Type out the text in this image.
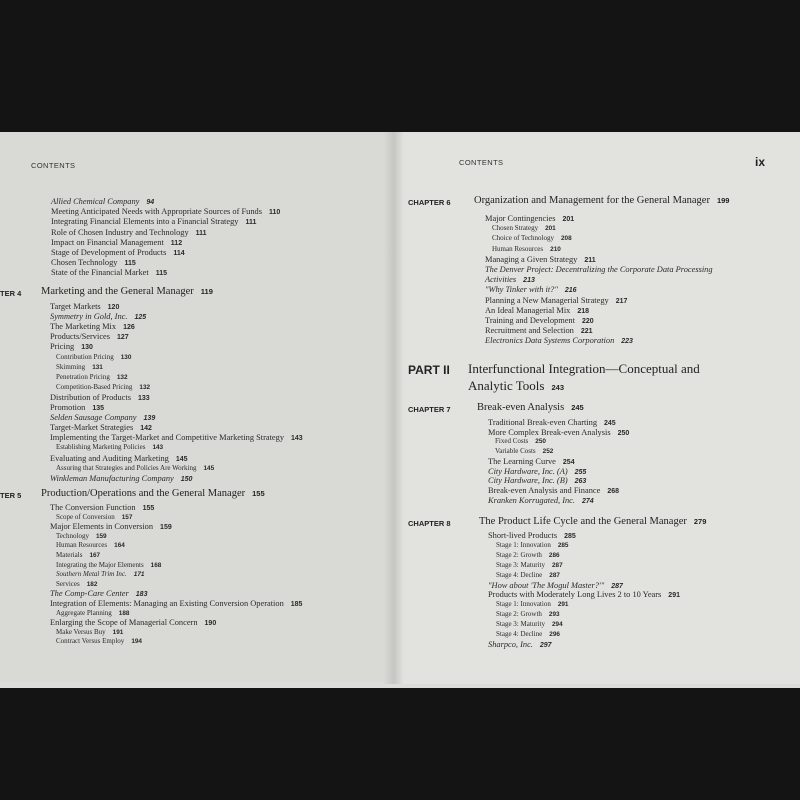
CONTENTS
Allied Chemical Company 94
Meeting Anticipated Needs with Appropriate Sources of Funds 110
Integrating Financial Elements into a Financial Strategy 111
Role of Chosen Industry and Technology 111
Impact on Financial Management 112
Stage of Development of Products 114
Chosen Technology 115
State of the Financial Market 115
TER 4 Marketing and the General Manager 119
Target Markets 120
Symmetry in Gold, Inc. 125
The Marketing Mix 126
Products/Services 127
Pricing 130
Contribution Pricing 130
Skimming 131
Penetration Pricing 132
Competition-Based Pricing 132
Distribution of Products 133
Promotion 135
Selden Sausage Company 139
Target-Market Strategies 142
Implementing the Target-Market and Competitive Marketing Strategy 143
Establishing Marketing Policies 143
Evaluating and Auditing Marketing 145
Assuring that Strategies and Policies Are Working 145
Winkleman Manufacturing Company 150
TER 5 Production/Operations and the General Manager 155
The Conversion Function 155
Scope of Conversion 157
Major Elements in Conversion 159
Technology 159
Human Resources 164
Materials 167
Integrating the Major Elements 168
Southern Metal Trim Inc. 171
Services 182
The Comp-Care Center 183
Integration of Elements: Managing an Existing Conversion Operation 185
Aggregate Planning 188
Enlarging the Scope of Managerial Concern 190
Make Versus Buy 191
Contract Versus Employ 194
CONTENTS	ix
CHAPTER 6 Organization and Management for the General Manager 199
Major Contingencies 201
Chosen Strategy 201
Choice of Technology 208
Human Resources 210
Managing a Given Strategy 211
The Denver Project: Decentralizing the Corporate Data Processing
Activities 213
"Why Tinker with it?" 216
Planning a New Managerial Strategy 217
An Ideal Managerial Mix 218
Training and Development 220
Recruitment and Selection 221
Electronics Data Systems Corporation 223
PART II Interfunctional Integration—Conceptual and
Analytic Tools 243
CHAPTER 7	Break-even Analysis 245
Traditional Break-even Charting 245
More Complex Break-even Analysis 250
Fixed Costs 250
Variable Costs 252
The Learning Curve 254
City Hardware, Inc. (A) 255
City Hardware, Inc. (B) 263
Break-even Analysis and Finance 268
Kranken Korrugated, Inc. 274
CHAPTER 8	The Product Life Cycle and the General Manager 279
Short-lived Products 285
Stage 1: Innovation 285
Stage 2: Growth 286
Stage 3: Maturity 287
Stage 4: Decline 287
"How about 'The Mogul Master?'" 287
Products with Moderately Long Lives 2 to 10 Years 291
Stage 1: Innovation 291
Stage 2: Growth 293
Stage 3: Maturity 294
Stage 4: Decline 296
Sharpco, Inc. 297
